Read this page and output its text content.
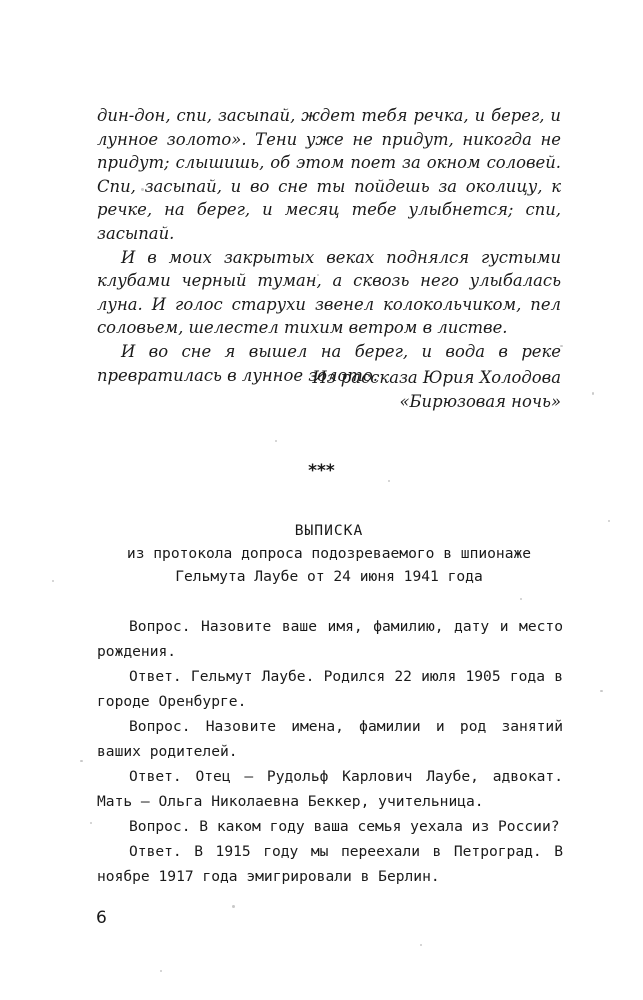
дин-дон, спи, засыпай, ждет тебя речка, и берег, и лунное золото». Тени уже не придут, никогда не придут; слышишь, об этом поет за окном соловей. Спи, засыпай, и во сне ты пойдешь за околицу, к речке, на берег, и месяц тебе улыбнется; спи, засыпай.

И в моих закрытых веках поднялся густыми клубами черный туман, а сквозь него улыбалась луна. И голос старухи звенел колокольчиком, пел соловьем, шелестел тихим ветром в листве.

И во сне я вышел на берег, и вода в реке превратилась в лунное золото.

Из рассказа Юрия Холодова
«Бирюзовая ночь»
***
ВЫПИСКА
из протокола допроса подозреваемого в шпионаже
Гельмута Лаубе от 24 июня 1941 года

Вопрос. Назовите ваше имя, фамилию, дату и место рождения.

Ответ. Гельмут Лаубе. Родился 22 июля 1905 года в городе Оренбурге.

Вопрос. Назовите имена, фамилии и род занятий ваших родителей.

Ответ. Отец – Рудольф Карлович Лаубе, адвокат. Мать – Ольга Николаевна Беккер, учительница.

Вопрос. В каком году ваша семья уехала из России?

Ответ. В 1915 году мы переехали в Петроград. В ноябре 1917 года эмигрировали в Берлин.

6
